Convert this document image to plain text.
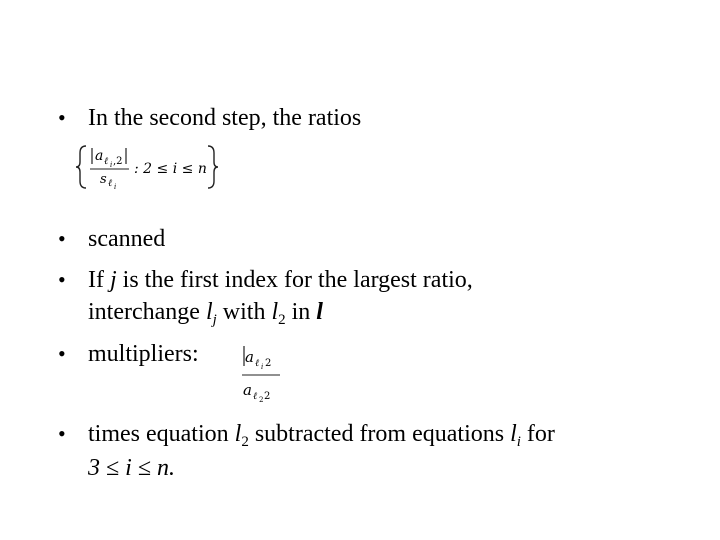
• In the second step, the ratios
a ℓ i ,2
s ℓ i
: 2 ≤ i ≤ n
• scanned
• If j is the first index for the largest ratio,
interchange $l_j$ with $l_2$ in l
• multipliers:	a ℓ i 2
a ℓ 2 2
• times equation $l_2$ subtracted from equations $l_i$ for
3 ≤ i ≤ n.
